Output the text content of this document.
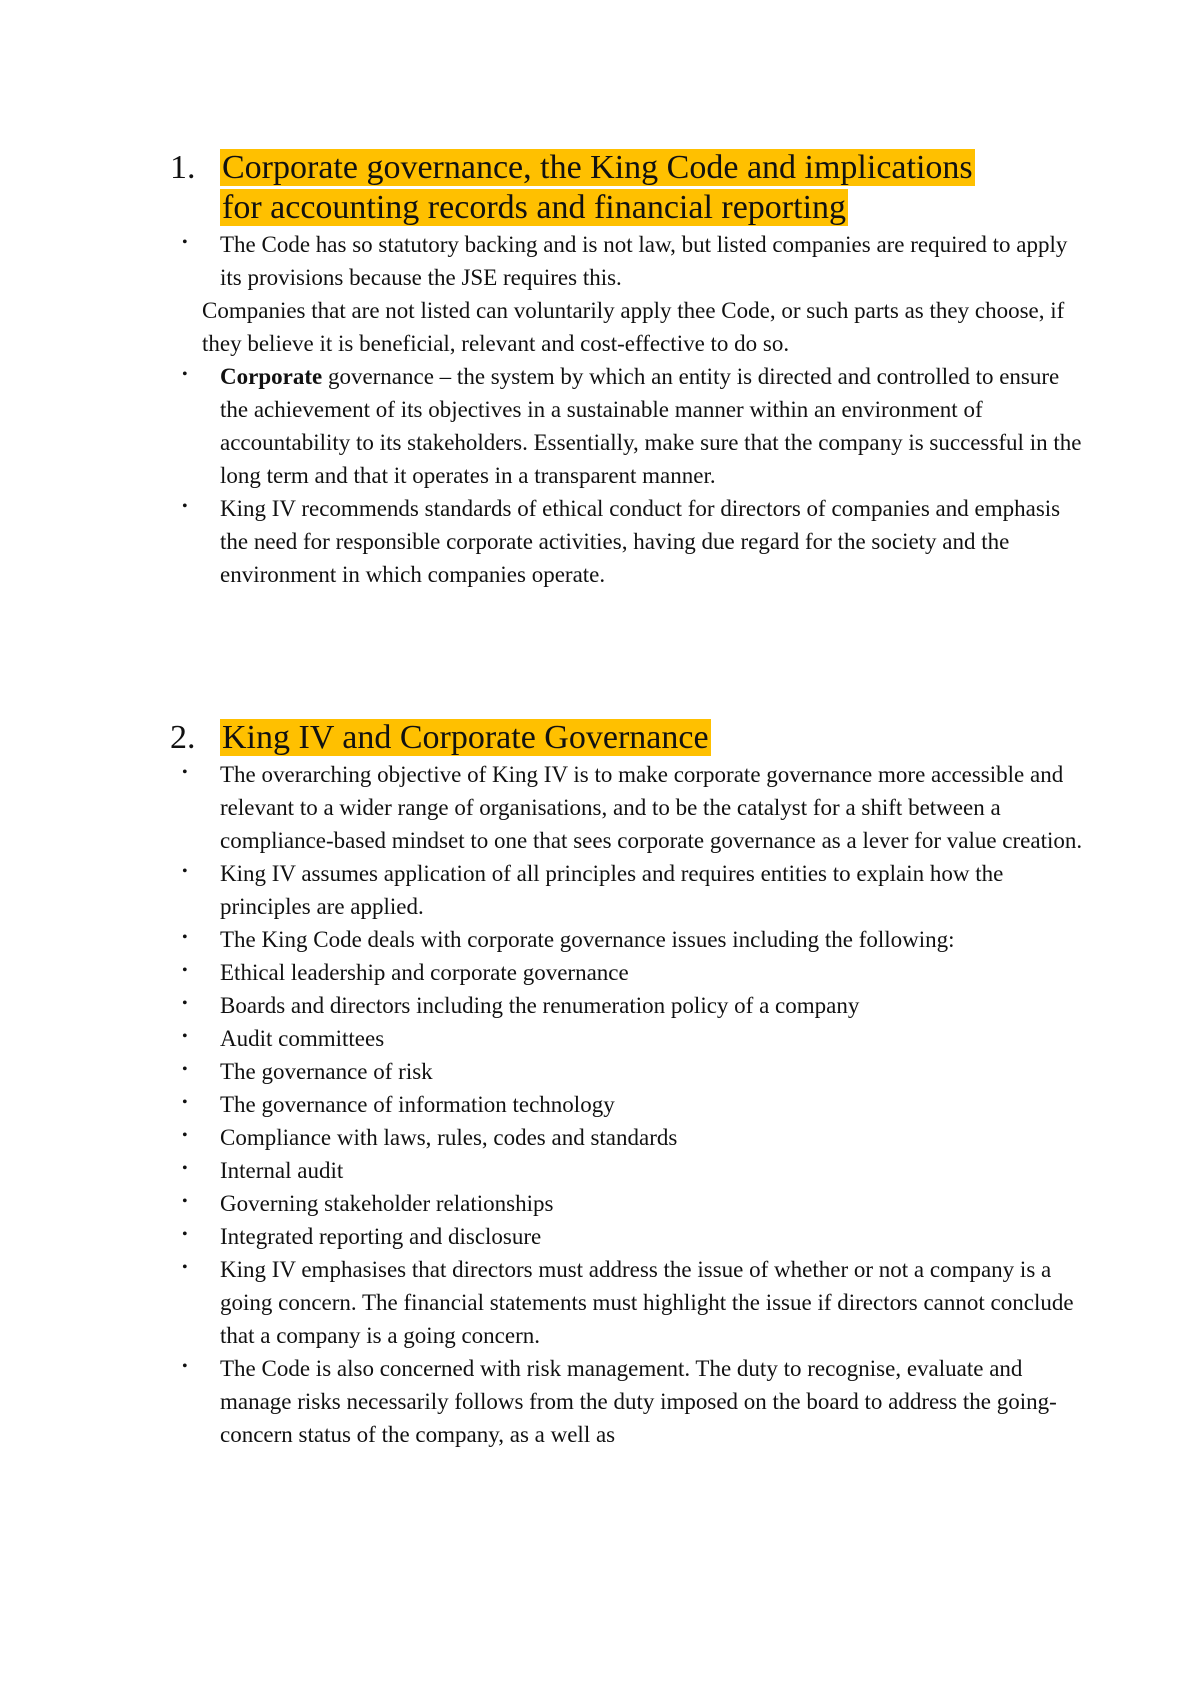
1. Corporate governance, the King Code and implications
for accounting records and financial reporting
• The Code has so statutory backing and is not law, but listed companies are required to apply its provisions because the JSE requires this.
Companies that are not listed can voluntarily apply thee Code, or such parts as they choose, if they believe it is beneficial, relevant and cost-effective to do so.
• Corporate governance – the system by which an entity is directed and controlled to ensure the achievement of its objectives in a sustainable manner within an environment of accountability to its stakeholders. Essentially, make sure that the company is successful in the long term and that it operates in a transparent manner.
• King IV recommends standards of ethical conduct for directors of companies and emphasis the need for responsible corporate activities, having due regard for the society and the environment in which companies operate.
2. King IV and Corporate Governance
• The overarching objective of King IV is to make corporate governance more accessible and relevant to a wider range of organisations, and to be the catalyst for a shift between a compliance-based mindset to one that sees corporate governance as a lever for value creation.
• King IV assumes application of all principles and requires entities to explain how the principles are applied.
• The King Code deals with corporate governance issues including the following:
• Ethical leadership and corporate governance
• Boards and directors including the renumeration policy of a company
• Audit committees
• The governance of risk
• The governance of information technology
• Compliance with laws, rules, codes and standards
• Internal audit
• Governing stakeholder relationships
• Integrated reporting and disclosure
• King IV emphasises that directors must address the issue of whether or not a company is a going concern. The financial statements must highlight the issue if directors cannot conclude that a company is a going concern.
• The Code is also concerned with risk management. The duty to recognise, evaluate and manage risks necessarily follows from the duty imposed on the board to address the going-concern status of the company, as a well as
